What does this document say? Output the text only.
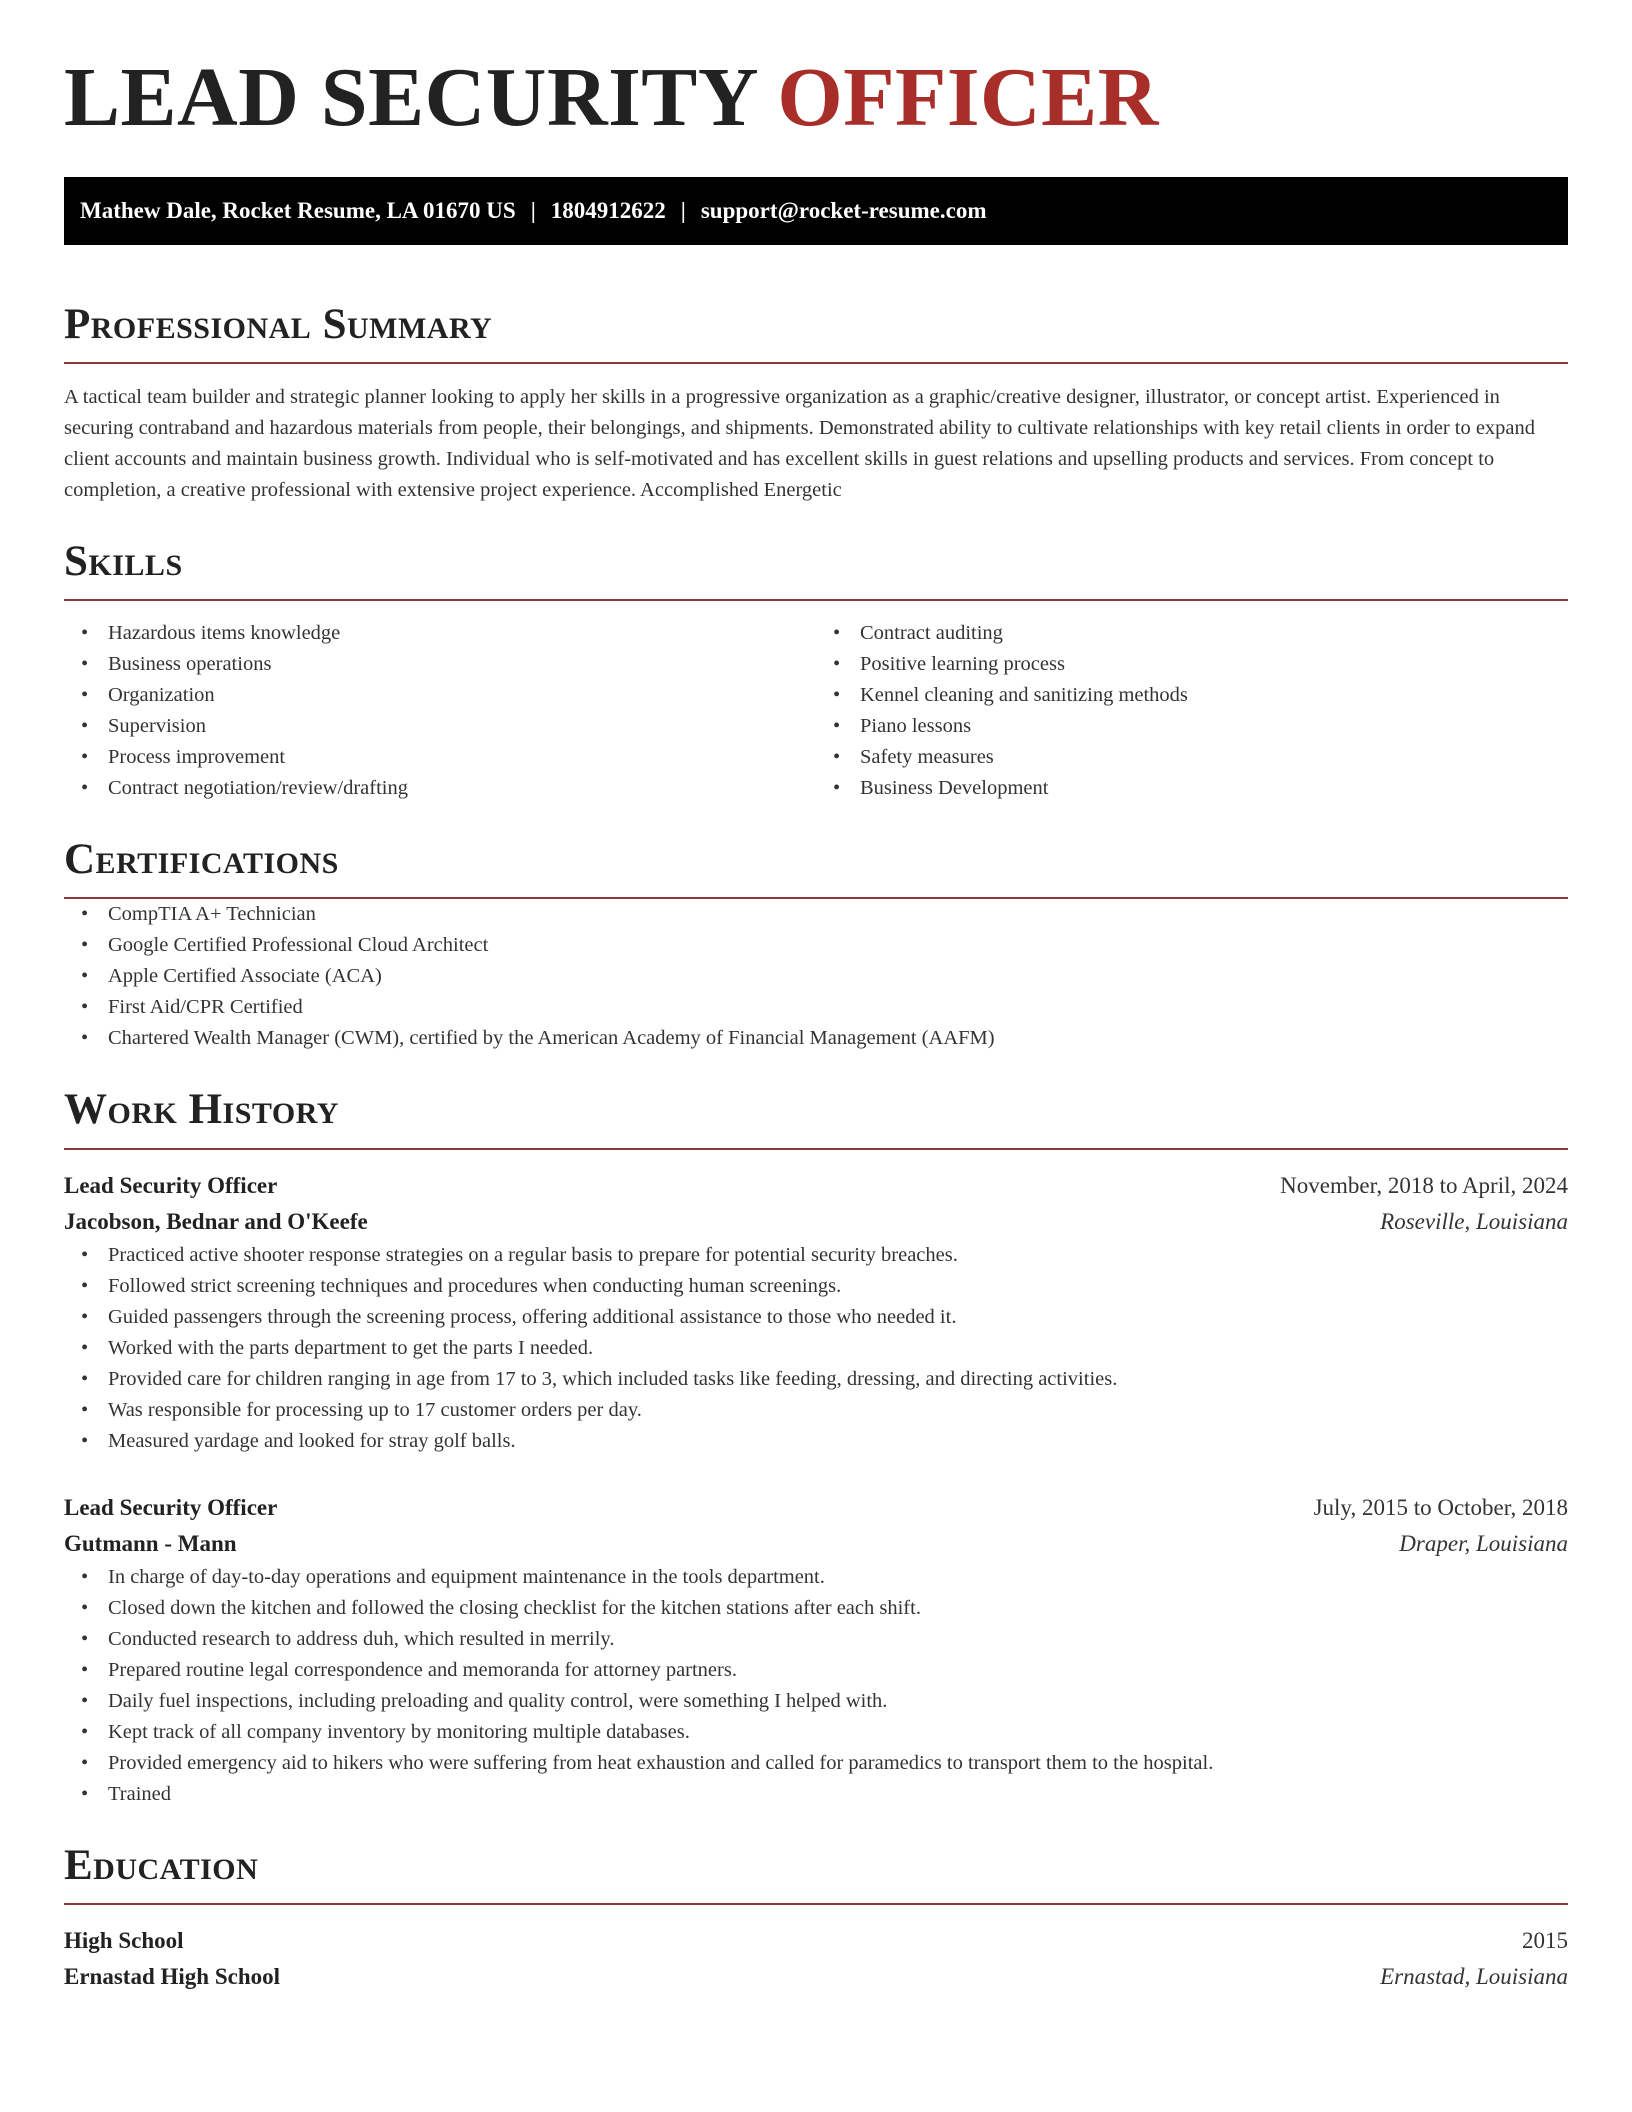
LEAD SECURITY OFFICER
Mathew Dale, Rocket Resume, LA 01670 US | 1804912622 | support@rocket-resume.com
Professional Summary

A tactical team builder and strategic planner looking to apply her skills in a progressive organization as a graphic/creative designer, illustrator, or concept artist. Experienced in securing contraband and hazardous materials from people, their belongings, and shipments. Demonstrated ability to cultivate relationships with key retail clients in order to expand client accounts and maintain business growth. Individual who is self-motivated and has excellent skills in guest relations and upselling products and services. From concept to completion, a creative professional with extensive project experience. Accomplished Energetic

Skills
• Hazardous items knowledge
• Business operations
• Organization
• Supervision
• Process improvement
• Contract negotiation/review/drafting
• Contract auditing
• Positive learning process
• Kennel cleaning and sanitizing methods
• Piano lessons
• Safety measures
• Business Development
Certifications
• CompTIA A+ Technician
• Google Certified Professional Cloud Architect
• Apple Certified Associate (ACA)
• First Aid/CPR Certified
• Chartered Wealth Manager (CWM), certified by the American Academy of Financial Management (AAFM)
Work History
Lead Security Officer	November, 2018 to April, 2024
Jacobson, Bednar and O'Keefe	Roseville, Louisiana
• Practiced active shooter response strategies on a regular basis to prepare for potential security breaches.
• Followed strict screening techniques and procedures when conducting human screenings.
• Guided passengers through the screening process, offering additional assistance to those who needed it.
• Worked with the parts department to get the parts I needed.
• Provided care for children ranging in age from 17 to 3, which included tasks like feeding, dressing, and directing activities.
• Was responsible for processing up to 17 customer orders per day.
• Measured yardage and looked for stray golf balls.
Lead Security Officer	July, 2015 to October, 2018
Gutmann - Mann	Draper, Louisiana
• In charge of day-to-day operations and equipment maintenance in the tools department.
• Closed down the kitchen and followed the closing checklist for the kitchen stations after each shift.
• Conducted research to address duh, which resulted in merrily.
• Prepared routine legal correspondence and memoranda for attorney partners.
• Daily fuel inspections, including preloading and quality control, were something I helped with.
• Kept track of all company inventory by monitoring multiple databases.
• Provided emergency aid to hikers who were suffering from heat exhaustion and called for paramedics to transport them to the hospital.
• Trained
Education
High School	2015
Ernastad High School	Ernastad, Louisiana
